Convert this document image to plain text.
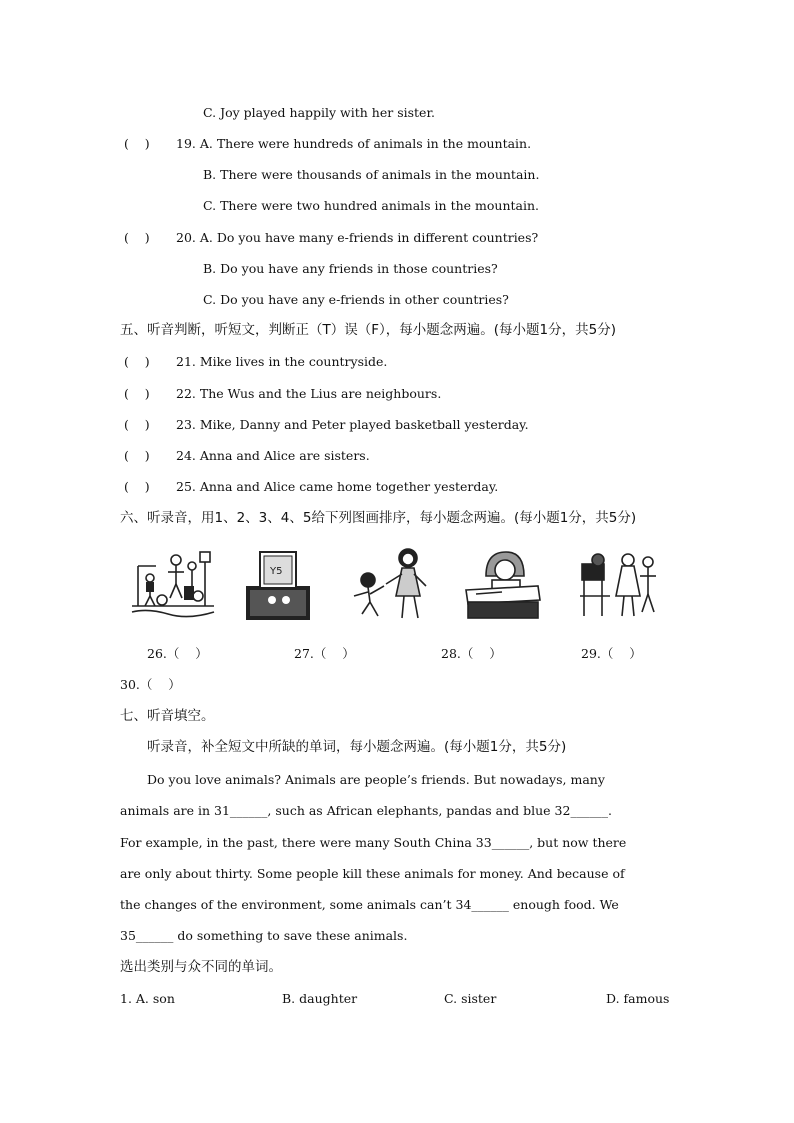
C. Joy played happily with her sister.
(    ) 19. A. There were hundreds of animals in the mountain.
B. There were thousands of animals in the mountain.
C. There were two hundred animals in the mountain.
(    ) 20. A. Do you have many e-friends in different countries?
B. Do you have any friends in those countries?
C. Do you have any e-friends in other countries?
五、听音判断，听短文，判断正（T）误（F），每小题念两遍。(每小题1分，共5分)
(    ) 21. Mike lives in the countryside.
(    ) 22. The Wus and the Lius are neighbours.
(    ) 23. Mike, Danny and Peter played basketball yesterday.
(    ) 24. Anna and Alice are sisters.
(    ) 25. Anna and Alice came home together yesterday.
六、听录音，用1、2、3、4、5给下列图画排序，每小题念两遍。(每小题1分，共5分)
Y5
26.（    ）	27.（    ）	28.（    ）	29.（    ）
30.（    ）
七、听音填空。
听录音，补全短文中所缺的单词，每小题念两遍。(每小题1分，共5分)
Do you love animals? Animals are people’s friends. But nowadays, many
animals are in 31______, such as African elephants, pandas and blue 32______.
For example, in the past, there were many South China 33______, but now there
are only about thirty. Some people kill these animals for money. And because of
the changes of the environment, some animals can’t 34______ enough food. We
35______ do something to save these animals.
选出类别与众不同的单词。
1. A. son	B. daughter	C. sister	D. famous
